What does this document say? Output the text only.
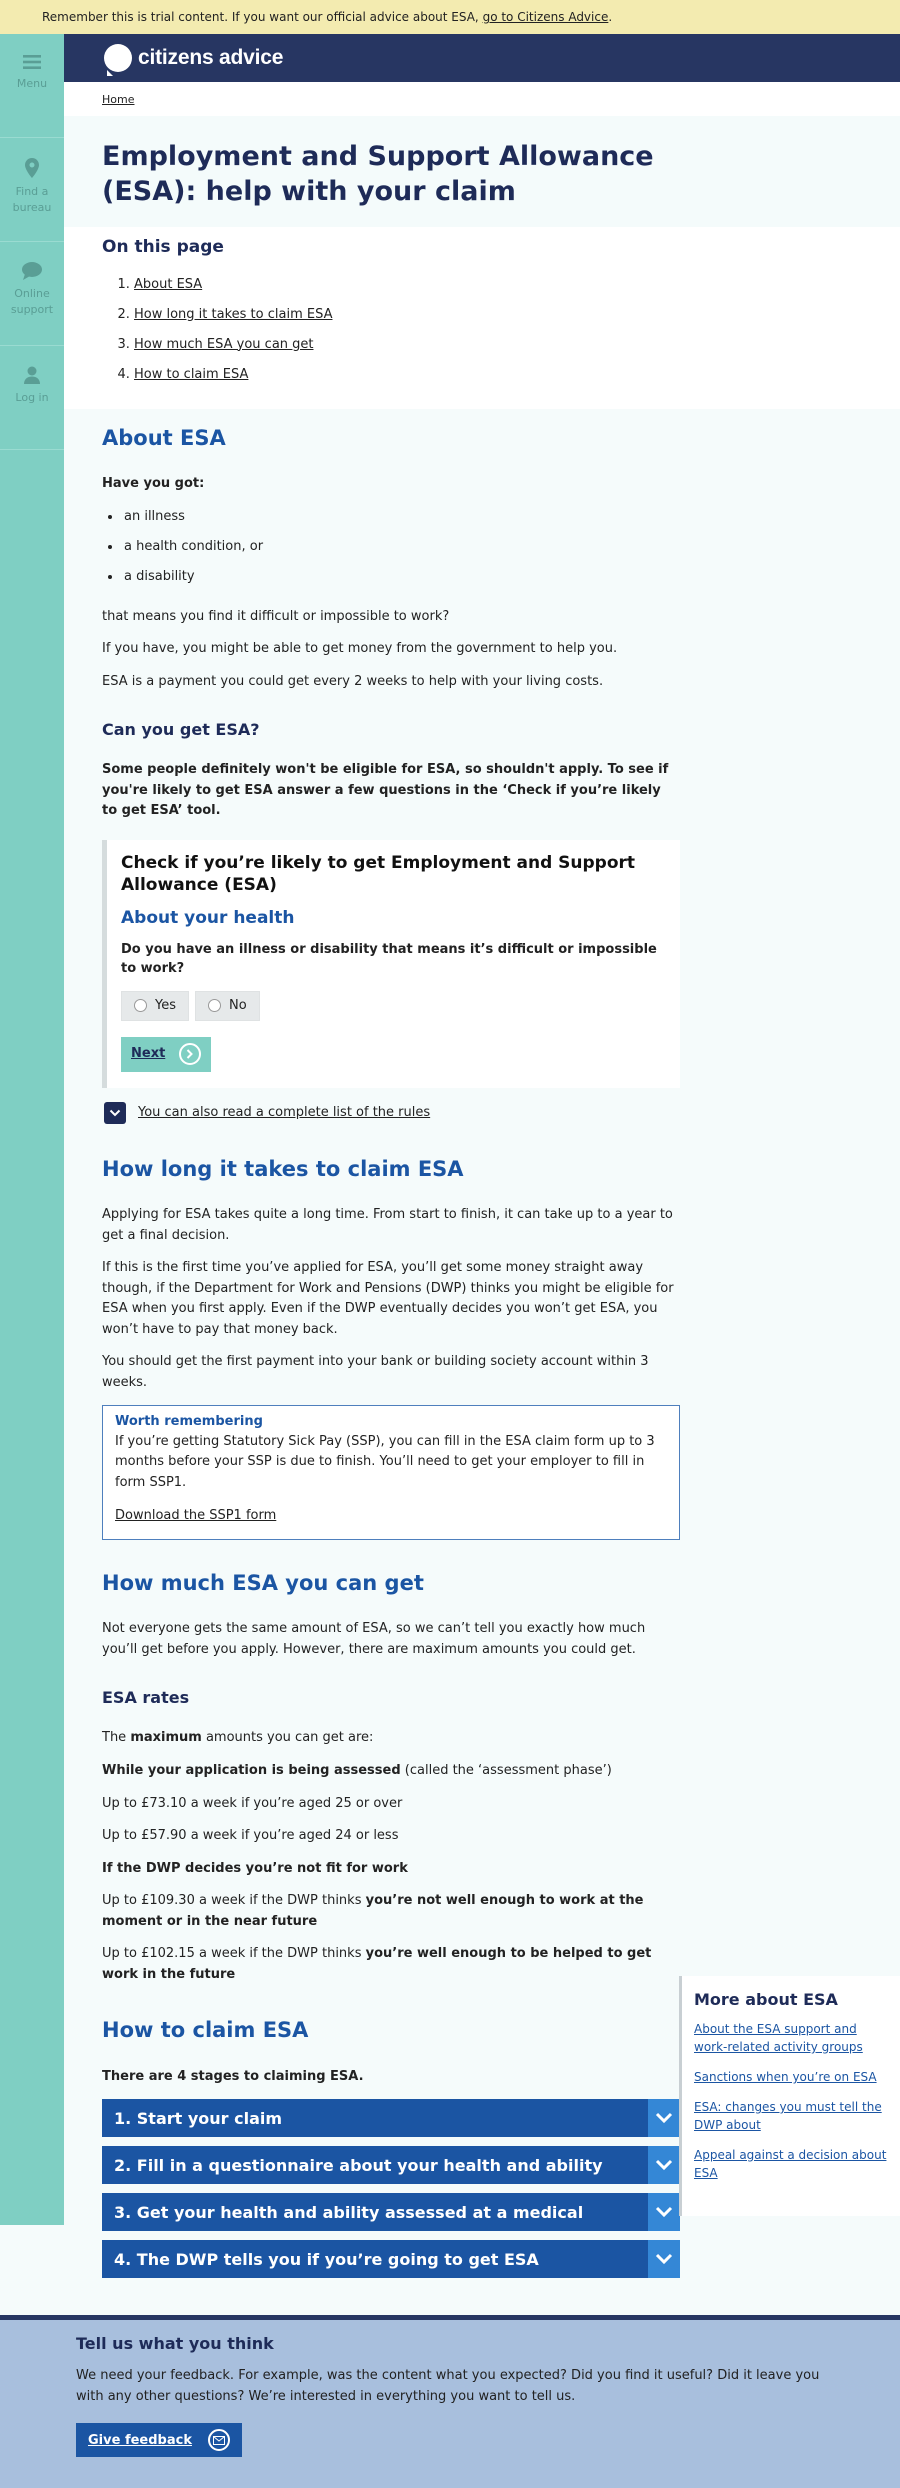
Remember this is trial content. If you want our official advice about ESA, go to Citizens Advice.
Menu
Find a bureau
Online support
Log in
citizens advice
Home
Employment and Support Allowance (ESA): help with your claim
On this page
1. About ESA
2. How long it takes to claim ESA
3. How much ESA you can get
4. How to claim ESA
About ESA

Have you got:

• an illness
• a health condition, or
• a disability

that means you find it difficult or impossible to work?

If you have, you might be able to get money from the government to help you.

ESA is a payment you could get every 2 weeks to help with your living costs.

Can you get ESA?

Some people definitely won't be eligible for ESA, so shouldn't apply. To see if you're likely to get ESA answer a few questions in the ‘Check if you’re likely to get ESA’ tool.

Check if you’re likely to get Employment and Support Allowance (ESA)
About your health

Do you have an illness or disability that means it’s difficult or impossible to work?

Yes	No
Next
You can also read a complete list of the rules
How long it takes to claim ESA

Applying for ESA takes quite a long time. From start to finish, it can take up to a year to get a final decision.

If this is the first time you’ve applied for ESA, you’ll get some money straight away though, if the Department for Work and Pensions (DWP) thinks you might be eligible for ESA when you first apply. Even if the DWP eventually decides you won’t get ESA, you won’t have to pay that money back.

You should get the first payment into your bank or building society account within 3 weeks.

Worth remembering

If you’re getting Statutory Sick Pay (SSP), you can fill in the ESA claim form up to 3 months before your SSP is due to finish. You’ll need to get your employer to fill in form SSP1.

Download the SSP1 form
How much ESA you can get

Not everyone gets the same amount of ESA, so we can’t tell you exactly how much you’ll get before you apply. However, there are maximum amounts you could get.

ESA rates

The maximum amounts you can get are:

While your application is being assessed (called the ‘assessment phase’)

Up to £73.10 a week if you’re aged 25 or over

Up to £57.90 a week if you’re aged 24 or less

If the DWP decides you’re not fit for work

Up to £109.30 a week if the DWP thinks you’re not well enough to work at the moment or in the near future

Up to £102.15 a week if the DWP thinks you’re well enough to be helped to get work in the future

How to claim ESA

There are 4 stages to claiming ESA.

1. Start your claim
2. Fill in a questionnaire about your health and ability
3. Get your health and ability assessed at a medical
4. The DWP tells you if you’re going to get ESA
More about ESA
About the ESA support and work-related activity groups
Sanctions when you’re on ESA
ESA: changes you must tell the DWP about
Appeal against a decision about ESA
Tell us what you think

We need your feedback. For example, was the content what you expected? Did you find it useful? Did it leave you with any other questions? We’re interested in everything you want to tell us.

Give feedback
